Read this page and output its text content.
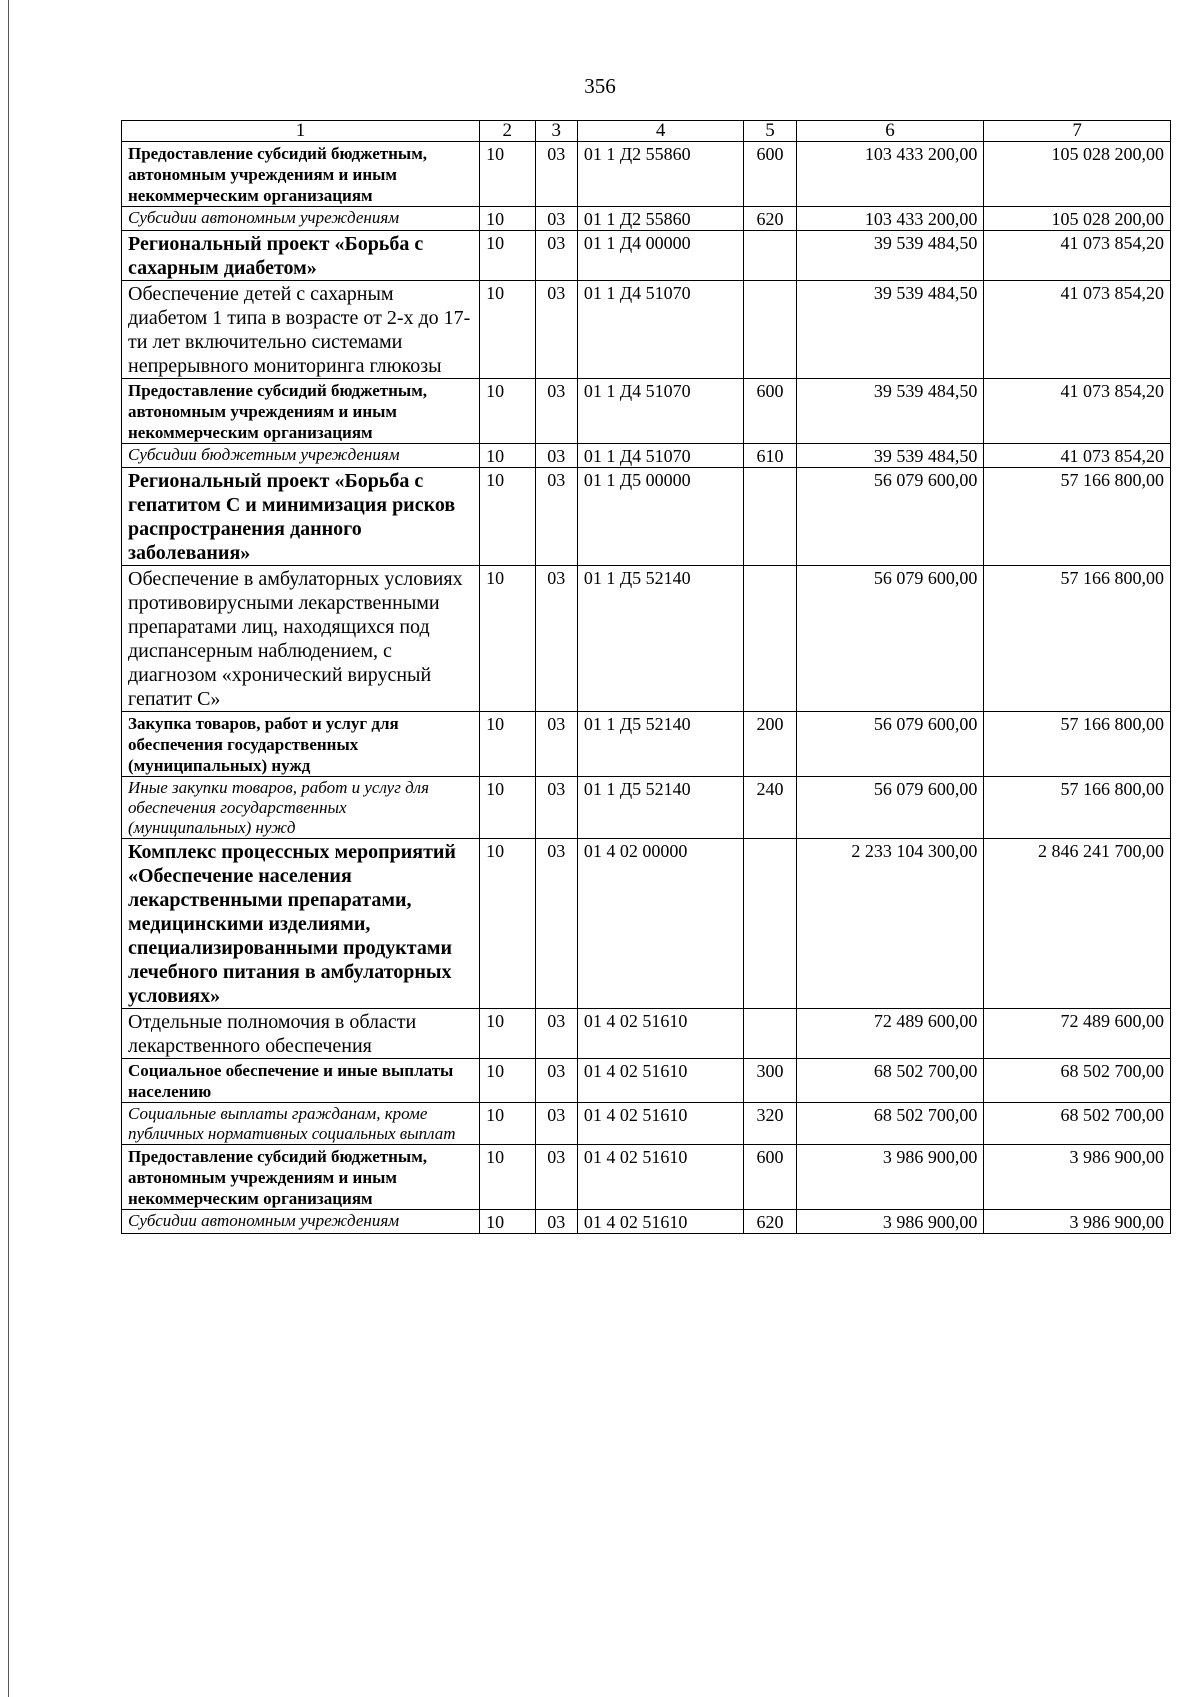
356
1	2	3	4	5	6	7
Предоставление субсидий бюджетным, автономным учреждениям и иным некоммерческим организациям	10	03	01 1 Д2 55860	600	103 433 200,00	105 028 200,00
Субсидии автономным учреждениям	10	03	01 1 Д2 55860	620	103 433 200,00	105 028 200,00
Региональный проект «Борьба с сахарным диабетом»	10	03	01 1 Д4 00000		39 539 484,50	41 073 854,20
Обеспечение детей с сахарным диабетом 1 типа в возрасте от 2-х до 17-ти лет включительно системами непрерывного мониторинга глюкозы	10	03	01 1 Д4 51070		39 539 484,50	41 073 854,20
Предоставление субсидий бюджетным, автономным учреждениям и иным некоммерческим организациям	10	03	01 1 Д4 51070	600	39 539 484,50	41 073 854,20
Субсидии бюджетным учреждениям	10	03	01 1 Д4 51070	610	39 539 484,50	41 073 854,20
Региональный проект «Борьба с гепатитом С и минимизация рисков распространения данного заболевания»	10	03	01 1 Д5 00000		56 079 600,00	57 166 800,00
Обеспечение в амбулаторных условиях противовирусными лекарственными препаратами лиц, находящихся под диспансерным наблюдением, с диагнозом «хронический вирусный гепатит С»	10	03	01 1 Д5 52140		56 079 600,00	57 166 800,00
Закупка товаров, работ и услуг для обеспечения государственных (муниципальных) нужд	10	03	01 1 Д5 52140	200	56 079 600,00	57 166 800,00
Иные закупки товаров, работ и услуг для обеспечения государственных (муниципальных) нужд	10	03	01 1 Д5 52140	240	56 079 600,00	57 166 800,00
Комплекс процессных мероприятий «Обеспечение населения лекарственными препаратами, медицинскими изделиями, специализированными продуктами лечебного питания в амбулаторных условиях»	10	03	01 4 02 00000		2 233 104 300,00	2 846 241 700,00
Отдельные полномочия в области лекарственного обеспечения	10	03	01 4 02 51610		72 489 600,00	72 489 600,00
Социальное обеспечение и иные выплаты населению	10	03	01 4 02 51610	300	68 502 700,00	68 502 700,00
Социальные выплаты гражданам, кроме публичных нормативных социальных выплат	10	03	01 4 02 51610	320	68 502 700,00	68 502 700,00
Предоставление субсидий бюджетным, автономным учреждениям и иным некоммерческим организациям	10	03	01 4 02 51610	600	3 986 900,00	3 986 900,00
Субсидии автономным учреждениям	10	03	01 4 02 51610	620	3 986 900,00	3 986 900,00
